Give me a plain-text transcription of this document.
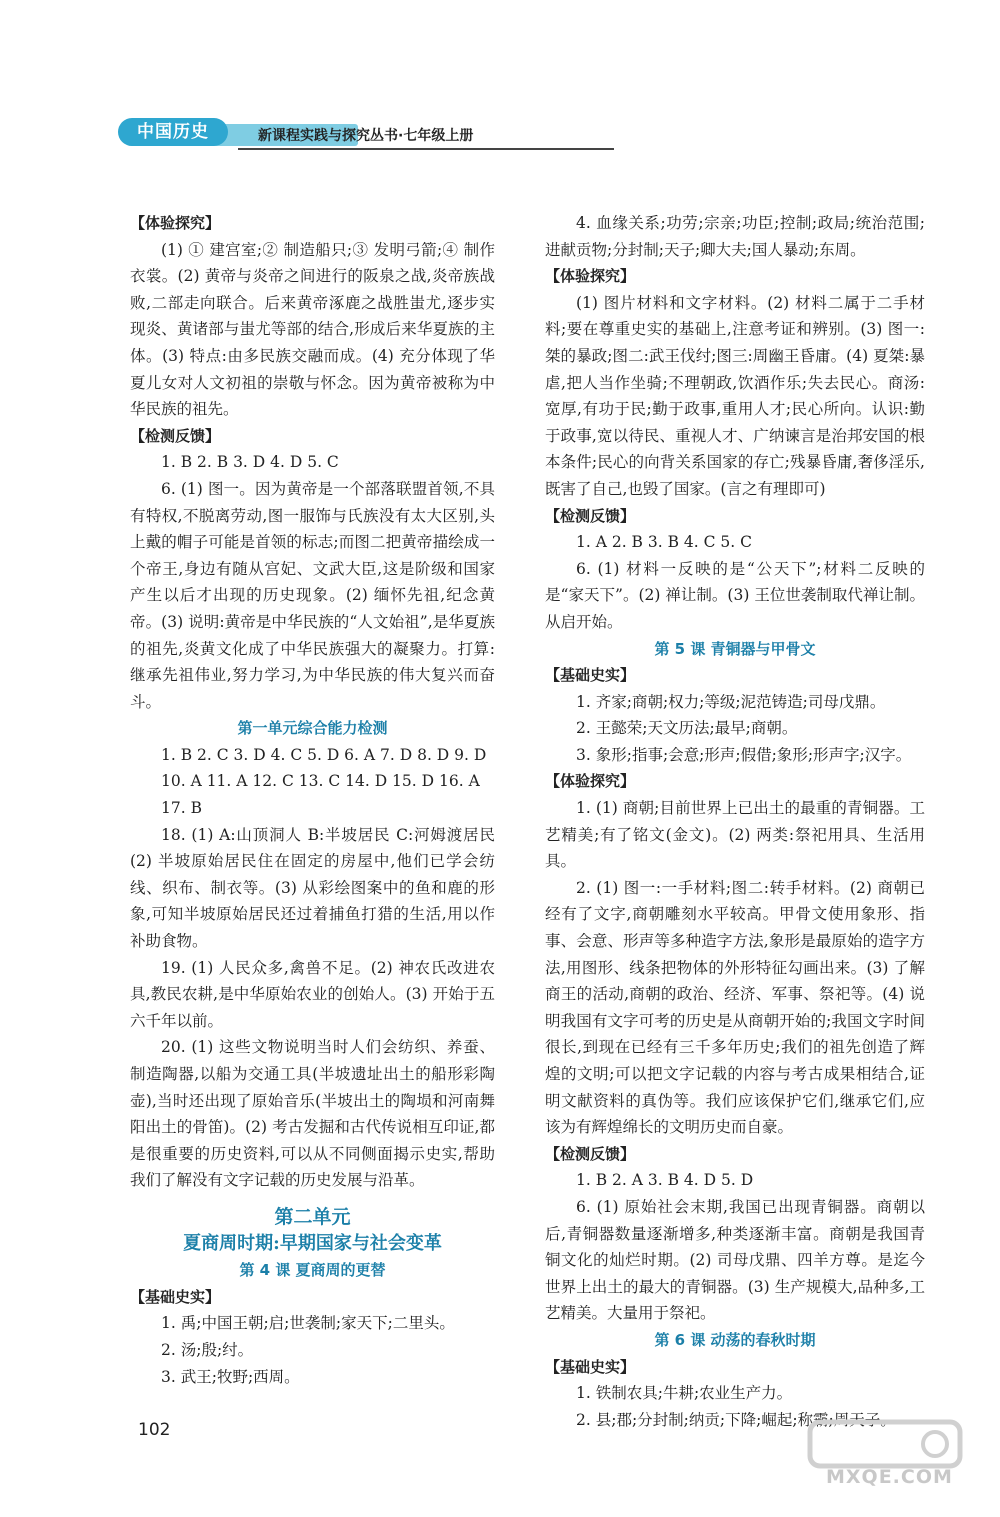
中国历史	新课程实践与探究丛书·七年级上册

【体验探究】

(1) ① 建宫室;② 制造船只;③ 发明弓箭;④ 制作衣裳。(2) 黄帝与炎帝之间进行的阪泉之战,炎帝族战败,二部走向联合。后来黄帝涿鹿之战胜蚩尤,逐步实现炎、黄诸部与蚩尤等部的结合,形成后来华夏族的主体。(3) 特点:由多民族交融而成。(4) 充分体现了华夏儿女对人文初祖的崇敬与怀念。因为黄帝被称为中华民族的祖先。

【检测反馈】

1. B 2. B 3. D 4. D 5. C

6. (1) 图一。因为黄帝是一个部落联盟首领,不具有特权,不脱离劳动,图一服饰与氏族没有太大区别,头上戴的帽子可能是首领的标志;而图二把黄帝描绘成一个帝王,身边有随从宫妃、文武大臣,这是阶级和国家产生以后才出现的历史现象。(2) 缅怀先祖,纪念黄帝。(3) 说明:黄帝是中华民族的“人文始祖”,是华夏族的祖先,炎黄文化成了中华民族强大的凝聚力。打算:继承先祖伟业,努力学习,为中华民族的伟大复兴而奋斗。

第一单元综合能力检测

1. B 2. C 3. D 4. C 5. D 6. A 7. D 8. D 9. D 10. A 11. A 12. C 13. C 14. D 15. D 16. A 17. B

18. (1) A:山顶洞人 B:半坡居民 C:河姆渡居民 (2) 半坡原始居民住在固定的房屋中,他们已学会纺线、织布、制衣等。(3) 从彩绘图案中的鱼和鹿的形象,可知半坡原始居民还过着捕鱼打猎的生活,用以作补助食物。

19. (1) 人民众多,禽兽不足。(2) 神农氏改进农具,教民农耕,是中华原始农业的创始人。(3) 开始于五六千年以前。

20. (1) 这些文物说明当时人们会纺织、养蚕、制造陶器,以船为交通工具(半坡遗址出土的船形彩陶壶),当时还出现了原始音乐(半坡出土的陶埙和河南舞阳出土的骨笛)。(2) 考古发掘和古代传说相互印证,都是很重要的历史资料,可以从不同侧面揭示史实,帮助我们了解没有文字记载的历史发展与沿革。

第二单元

夏商周时期:早期国家与社会变革

第 4 课 夏商周的更替

【基础史实】

1. 禹;中国王朝;启;世袭制;家天下;二里头。

2. 汤;殷;纣。

3. 武王;牧野;西周。

4. 血缘关系;功劳;宗亲;功臣;控制;政局;统治范围;进献贡物;分封制;天子;卿大夫;国人暴动;东周。

【体验探究】

(1) 图片材料和文字材料。(2) 材料二属于二手材料;要在尊重史实的基础上,注意考证和辨别。(3) 图一:桀的暴政;图二:武王伐纣;图三:周幽王昏庸。(4) 夏桀:暴虐,把人当作坐骑;不理朝政,饮酒作乐;失去民心。商汤:宽厚,有功于民;勤于政事,重用人才;民心所向。认识:勤于政事,宽以待民、重视人才、广纳谏言是治邦安国的根本条件;民心的向背关系国家的存亡;残暴昏庸,奢侈淫乐,既害了自己,也毁了国家。(言之有理即可)

【检测反馈】

1. A 2. B 3. B 4. C 5. C

6. (1) 材料一反映的是“公天下”;材料二反映的是“家天下”。(2) 禅让制。(3) 王位世袭制取代禅让制。从启开始。

第 5 课 青铜器与甲骨文

【基础史实】

1. 齐家;商朝;权力;等级;泥范铸造;司母戊鼎。

2. 王懿荣;天文历法;最早;商朝。

3. 象形;指事;会意;形声;假借;象形;形声字;汉字。

【体验探究】

1. (1) 商朝;目前世界上已出土的最重的青铜器。工艺精美;有了铭文(金文)。(2) 两类:祭祀用具、生活用具。

2. (1) 图一:一手材料;图二:转手材料。(2) 商朝已经有了文字,商朝雕刻水平较高。甲骨文使用象形、指事、会意、形声等多种造字方法,象形是最原始的造字方法,用图形、线条把物体的外形特征勾画出来。(3) 了解商王的活动,商朝的政治、经济、军事、祭祀等。(4) 说明我国有文字可考的历史是从商朝开始的;我国文字时间很长,到现在已经有三千多年历史;我们的祖先创造了辉煌的文明;可以把文字记载的内容与考古成果相结合,证明文献资料的真伪等。我们应该保护它们,继承它们,应该为有辉煌绵长的文明历史而自豪。

【检测反馈】

1. B 2. A 3. B 4. D 5. D

6. (1) 原始社会末期,我国已出现青铜器。商朝以后,青铜器数量逐渐增多,种类逐渐丰富。商朝是我国青铜文化的灿烂时期。(2) 司母戊鼎、四羊方尊。是迄今世界上出土的最大的青铜器。(3) 生产规模大,品种多,工艺精美。大量用于祭祀。

第 6 课 动荡的春秋时期

【基础史实】

1. 铁制农具;牛耕;农业生产力。

2. 县;郡;分封制;纳贡;下降;崛起;称霸;周天子。

102
MXQE.COM
